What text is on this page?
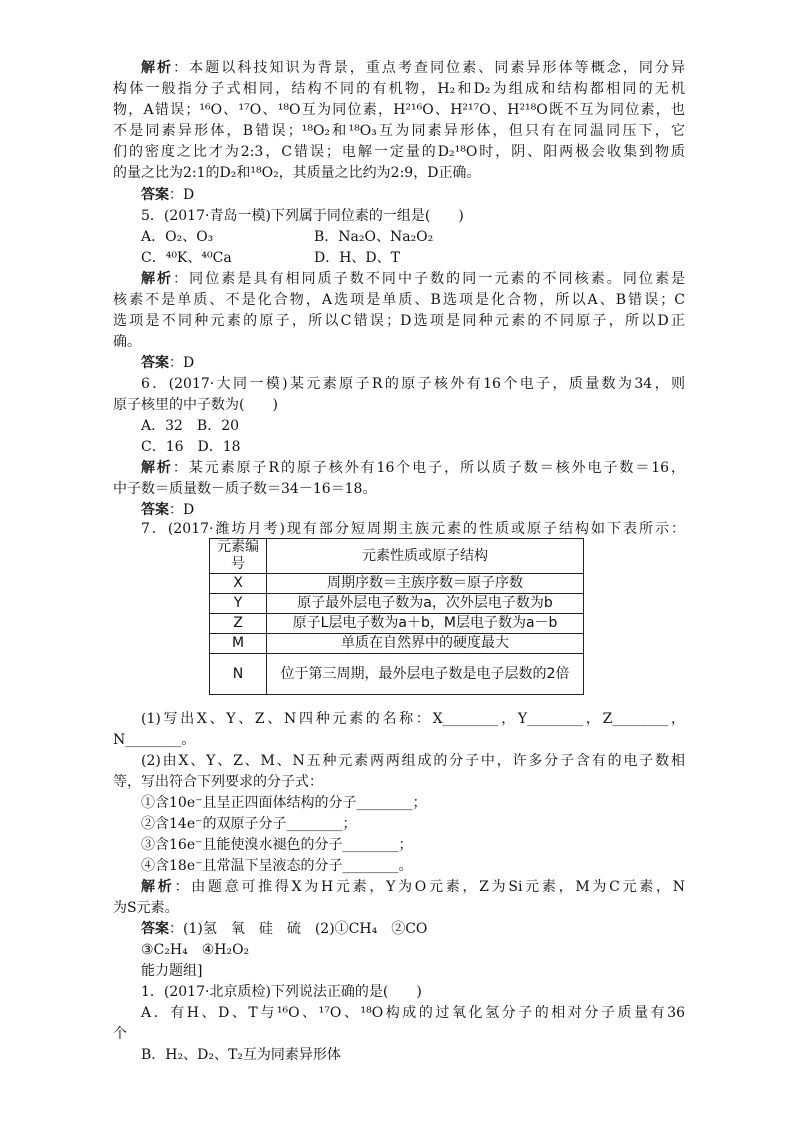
解析：本题以科技知识为背景，重点考查同位素、同素异形体等概念，同分异
构体一般指分子式相同，结构不同的有机物，H₂和D₂为组成和结构都相同的无机
物，A错误；¹⁶O、¹⁷O、¹⁸O互为同位素，H²¹⁶O、H²¹⁷O、H²¹⁸O既不互为同位素，也
不是同素异形体，B错误；¹⁸O₂和¹⁸O₃互为同素异形体，但只有在同温同压下，它
们的密度之比才为2:3，C错误；电解一定量的D₂¹⁸O时，阴、阳两极会收集到物质
的量之比为2:1的D₂和¹⁸O₂，其质量之比约为2:9，D正确。
答案：D
5．(2017·青岛一模)下列属于同位素的一组是(　　)
A．O₂、O₃	B．Na₂O、Na₂O₂
C．⁴⁰K、⁴⁰Ca	D．H、D、T
解析：同位素是具有相同质子数不同中子数的同一元素的不同核素。同位素是
核素不是单质、不是化合物，A选项是单质、B选项是化合物，所以A、B错误；C
选项是不同种元素的原子，所以C错误；D选项是同种元素的不同原子，所以D正
确。
答案：D
6．(2017·大同一模)某元素原子R的原子核外有16个电子，质量数为34，则
原子核里的中子数为(　　)
A．32　B．20
C．16　D．18
解析：某元素原子R的原子核外有16个电子，所以质子数＝核外电子数＝16，
中子数＝质量数－质子数＝34－16＝18。
答案：D
7．(2017·潍坊月考)现有部分短周期主族元素的性质或原子结构如下表所示：
元素编号	元素性质或原子结构
X	周期序数＝主族序数＝原子序数
Y	原子最外层电子数为a，次外层电子数为b
Z	原子L层电子数为a＋b，M层电子数为a－b
M	单质在自然界中的硬度最大
N	位于第三周期，最外层电子数是电子层数的2倍
(1)写出X、Y、Z、N四种元素的名称：X________，Y________，Z________，
N________。
(2)由X、Y、Z、M、N五种元素两两组成的分子中，许多分子含有的电子数相
等，写出符合下列要求的分子式：
①含10e⁻且呈正四面体结构的分子________；
②含14e⁻的双原子分子________；
③含16e⁻且能使溴水褪色的分子________；
④含18e⁻且常温下呈液态的分子________。
解析：由题意可推得X为H元素，Y为O元素，Z为Si元素，M为C元素，N
为S元素。
答案：(1)氢　氧　硅　硫　(2)①CH₄　②CO
③C₂H₄　④H₂O₂
能力题组]
1．(2017·北京质检)下列说法正确的是(　　)
A．有H、D、T与¹⁶O、¹⁷O、¹⁸O构成的过氧化氢分子的相对分子质量有36
个
B．H₂、D₂、T₂互为同素异形体
